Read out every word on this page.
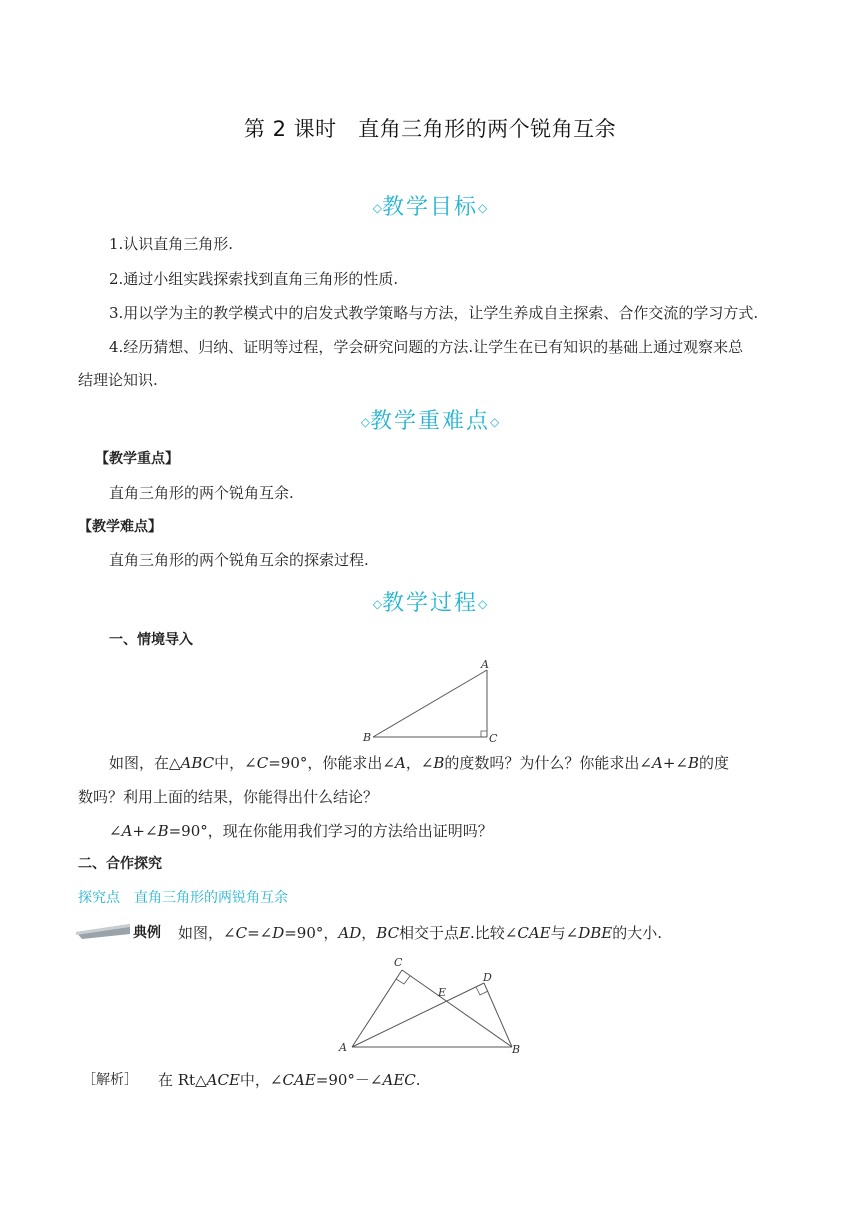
第 2 课时　直角三角形的两个锐角互余
◇教学目标◇
1.认识直角三角形.
2.通过小组实践探索找到直角三角形的性质.
3.用以学为主的教学模式中的启发式教学策略与方法，让学生养成自主探索、合作交流的学习方式.
4.经历猜想、归纳、证明等过程，学会研究问题的方法.让学生在已有知识的基础上通过观察来总
结理论知识.
◇教学重难点◇
【教学重点】
直角三角形的两个锐角互余.
【教学难点】
直角三角形的两个锐角互余的探索过程.
◇教学过程◇
一、情境导入
A
B	C
如图，在△ABC中，∠C=90°，你能求出∠A，∠B的度数吗？为什么？你能求出∠A+∠B的度
数吗？利用上面的结果，你能得出什么结论？
∠A+∠B=90°，现在你能用我们学习的方法给出证明吗？
二、合作探究
探究点　直角三角形的两锐角互余
典例 如图，∠C=∠D=90°，AD，BC相交于点E.比较∠CAE与∠DBE的大小.
C
D
E
A	B
［解析］ 在 Rt△ACE中，∠CAE=90°－∠AEC.
